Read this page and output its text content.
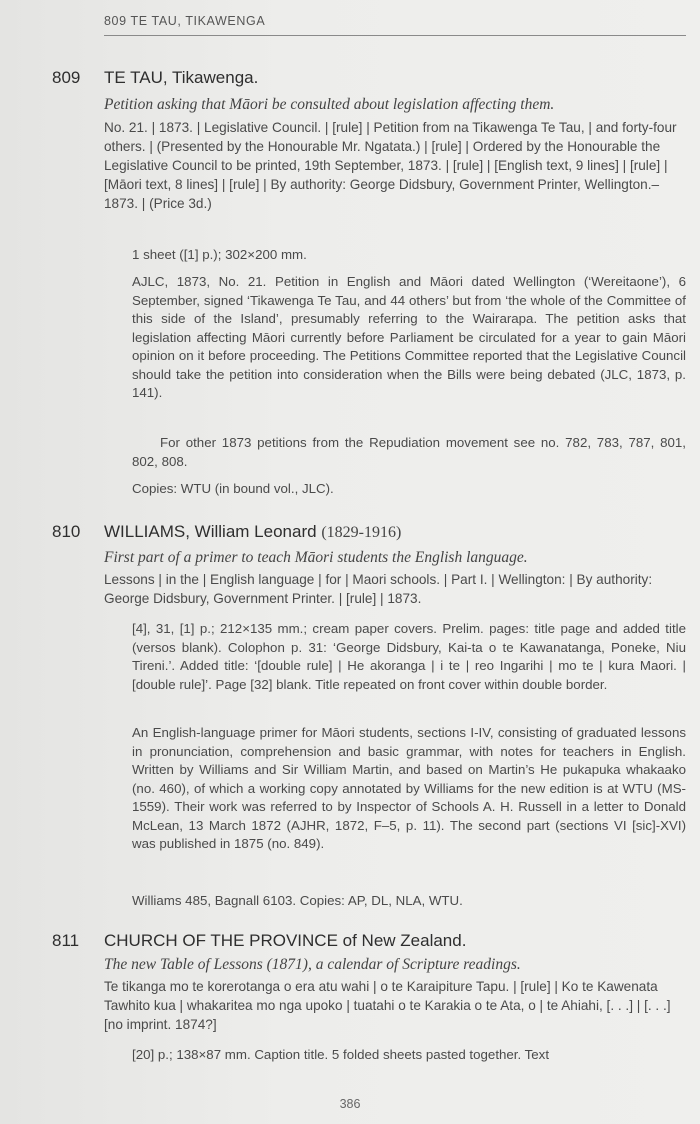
809 TE TAU, TIKAWENGA
809 TE TAU, Tikawenga.
Petition asking that Māori be consulted about legislation affecting them.
No. 21. | 1873. | Legislative Council. | [rule] | Petition from na Tikawenga Te Tau, | and forty-four others. | (Presented by the Honourable Mr. Ngatata.) | [rule] | Ordered by the Honourable the Legislative Council to be printed, 19th September, 1873. | [rule] | [English text, 9 lines] | [rule] | [Māori text, 8 lines] | [rule] | By authority: George Didsbury, Government Printer, Wellington.–1873. | (Price 3d.)
1 sheet ([1] p.); 302×200 mm.
AJLC, 1873, No. 21. Petition in English and Māori dated Wellington (‘Wereitaone’), 6 September, signed ‘Tikawenga Te Tau, and 44 others’ but from ‘the whole of the Committee of this side of the Island’, presumably referring to the Wairarapa. The petition asks that legislation affecting Māori currently before Parliament be circulated for a year to gain Māori opinion on it before proceeding. The Petitions Committee reported that the Legislative Council should take the petition into consideration when the Bills were being debated (JLC, 1873, p. 141).
For other 1873 petitions from the Repudiation movement see no. 782, 783, 787, 801, 802, 808.
Copies: WTU (in bound vol., JLC).
810 WILLIAMS, William Leonard (1829-1916)
First part of a primer to teach Māori students the English language.
Lessons | in the | English language | for | Maori schools. | Part I. | Wellington: | By authority: George Didsbury, Government Printer. | [rule] | 1873.
[4], 31, [1] p.; 212×135 mm.; cream paper covers. Prelim. pages: title page and added title (versos blank). Colophon p. 31: ‘George Didsbury, Kai-ta o te Kawanatanga, Poneke, Niu Tireni.’. Added title: ‘[double rule] | He akoranga | i te | reo Ingarihi | mo te | kura Maori. | [double rule]’. Page [32] blank. Title repeated on front cover within double border.
An English-language primer for Māori students, sections I-IV, consisting of graduated lessons in pronunciation, comprehension and basic grammar, with notes for teachers in English. Written by Williams and Sir William Martin, and based on Martin’s He pukapuka whakaako (no. 460), of which a working copy annotated by Williams for the new edition is at WTU (MS-1559). Their work was referred to by Inspector of Schools A. H. Russell in a letter to Donald McLean, 13 March 1872 (AJHR, 1872, F–5, p. 11). The second part (sections VI [sic]-XVI) was published in 1875 (no. 849).
Williams 485, Bagnall 6103. Copies: AP, DL, NLA, WTU.
811 CHURCH OF THE PROVINCE of New Zealand.
The new Table of Lessons (1871), a calendar of Scripture readings.
Te tikanga mo te korerotanga o era atu wahi | o te Karaipiture Tapu. | [rule] | Ko te Kawenata Tawhito kua | whakaritea mo nga upoko | tuatahi o te Karakia o te Ata, o | te Ahiahi, [. . .] | [. . .] [no imprint. 1874?]
[20] p.; 138×87 mm. Caption title. 5 folded sheets pasted together. Text
386
